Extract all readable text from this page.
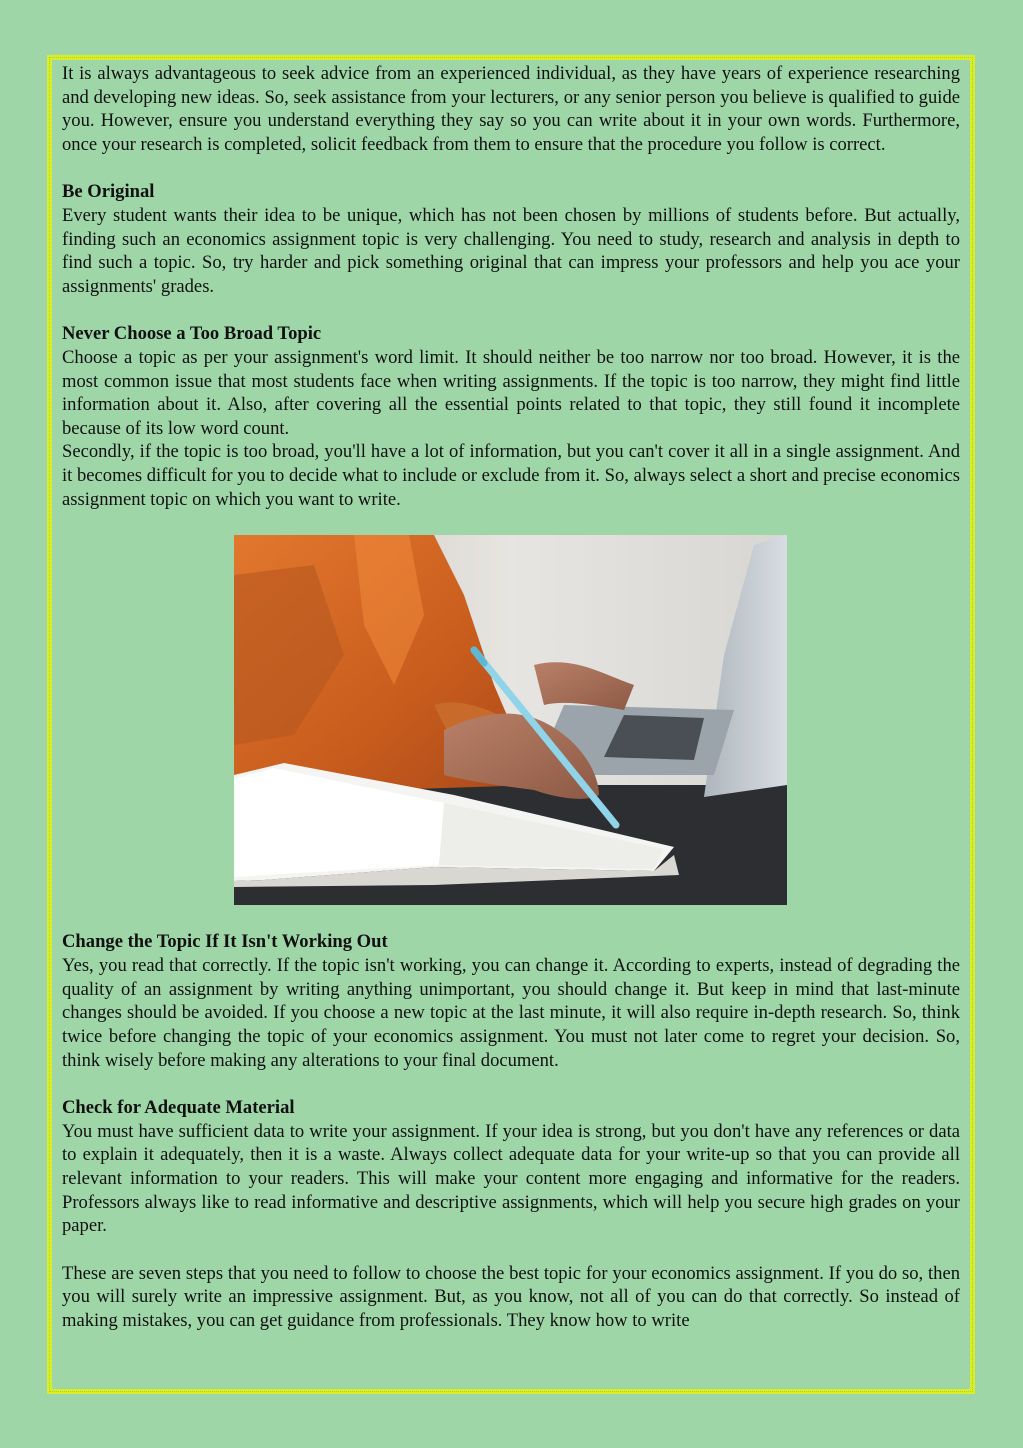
It is always advantageous to seek advice from an experienced individual, as they have years of experience researching and developing new ideas. So, seek assistance from your lecturers, or any senior person you believe is qualified to guide you. However, ensure you understand everything they say so you can write about it in your own words. Furthermore, once your research is completed, solicit feedback from them to ensure that the procedure you follow is correct.

Be Original

Every student wants their idea to be unique, which has not been chosen by millions of students before. But actually, finding such an economics assignment topic is very challenging. You need to study, research and analysis in depth to find such a topic. So, try harder and pick something original that can impress your professors and help you ace your assignments' grades.

Never Choose a Too Broad Topic

Choose a topic as per your assignment's word limit. It should neither be too narrow nor too broad. However, it is the most common issue that most students face when writing assignments. If the topic is too narrow, they might find little information about it. Also, after covering all the essential points related to that topic, they still found it incomplete because of its low word count.

Secondly, if the topic is too broad, you'll have a lot of information, but you can't cover it all in a single assignment. And it becomes difficult for you to decide what to include or exclude from it. So, always select a short and precise economics assignment topic on which you want to write.

Change the Topic If It Isn't Working Out

Yes, you read that correctly. If the topic isn't working, you can change it. According to experts, instead of degrading the quality of an assignment by writing anything unimportant, you should change it. But keep in mind that last-minute changes should be avoided. If you choose a new topic at the last minute, it will also require in-depth research. So, think twice before changing the topic of your economics assignment. You must not later come to regret your decision. So, think wisely before making any alterations to your final document.

Check for Adequate Material

You must have sufficient data to write your assignment. If your idea is strong, but you don't have any references or data to explain it adequately, then it is a waste. Always collect adequate data for your write-up so that you can provide all relevant information to your readers. This will make your content more engaging and informative for the readers. Professors always like to read informative and descriptive assignments, which will help you secure high grades on your paper.

These are seven steps that you need to follow to choose the best topic for your economics assignment. If you do so, then you will surely write an impressive assignment. But, as you know, not all of you can do that correctly. So instead of making mistakes, you can get guidance from professionals. They know how to write
